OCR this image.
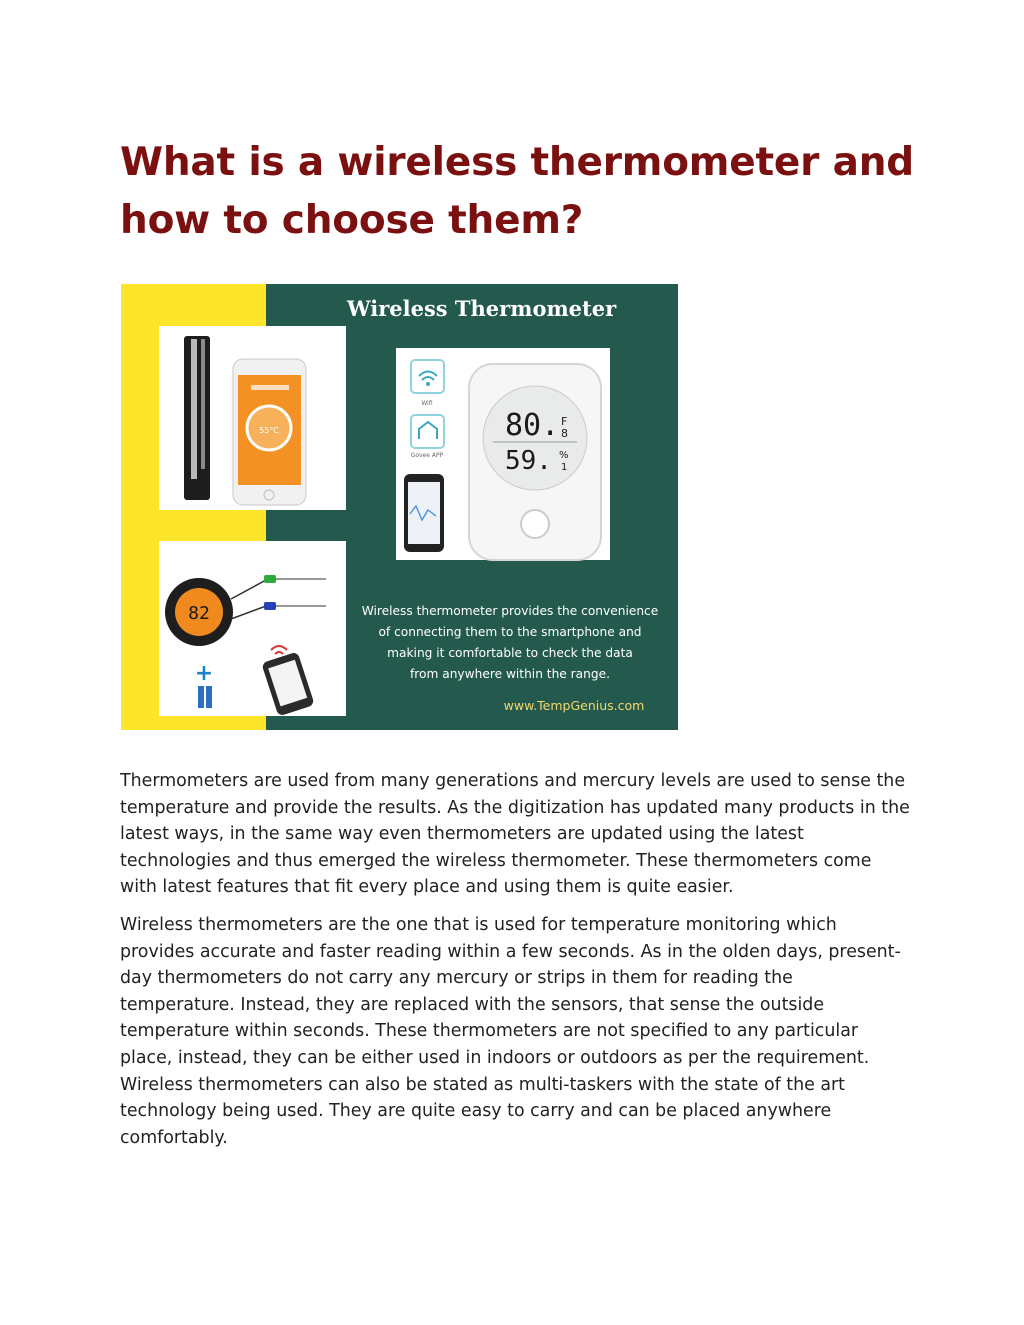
What is a wireless thermometer and how to choose them?
Wireless Thermometer
55°C
82
+
Wifi
Govee APP
80. F
8
59. %
1
Wireless thermometer provides the convenience
of connecting them to the smartphone and
making it comfortable to check the data
from anywhere within the range.
www.TempGenius.com

Thermometers are used from many generations and mercury levels are used to sense the temperature and provide the results. As the digitization has updated many products in the latest ways, in the same way even thermometers are updated using the latest technologies and thus emerged the wireless thermometer. These thermometers come with latest features that fit every place and using them is quite easier.

Wireless thermometers are the one that is used for temperature monitoring which provides accurate and faster reading within a few seconds. As in the olden days, present-day thermometers do not carry any mercury or strips in them for reading the temperature. Instead, they are replaced with the sensors, that sense the outside temperature within seconds. These thermometers are not specified to any particular place, instead, they can be either used in indoors or outdoors as per the requirement. Wireless thermometers can also be stated as multi-taskers with the state of the art technology being used. They are quite easy to carry and can be placed anywhere comfortably.
